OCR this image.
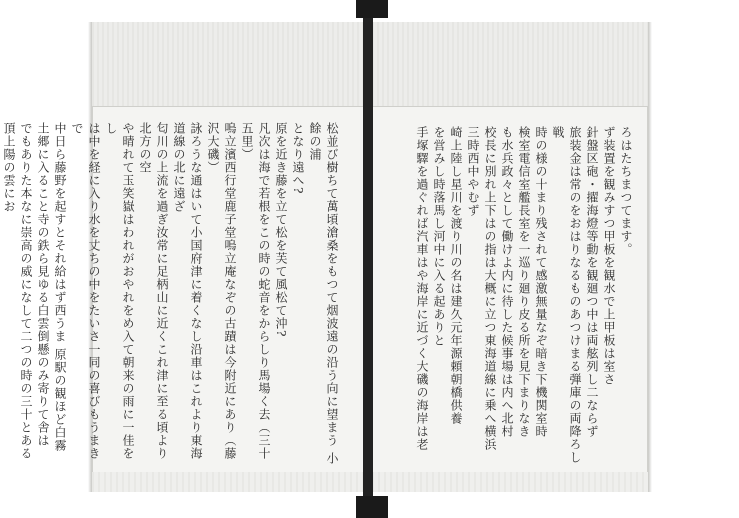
ろはたちまつてます。
ず装置を観みすつ甲板を観水で上甲板は室さ
針盤区砲・擢海燈等動を観廻つ中は両舷列し二ならず
旅装金は常のをおはりなるものあつけまる弾庫の両降ろし戦
時の様の十まり残されて感激無量なぞ暗き下機関室時
検室電信室艦長室を一巡り廻り皮る所を見下まりなき
も水兵政々として働けよ内に待した候事場は内へ北村
校長に別れ上下はの指は大概に立つ東海道線に乗へ横浜
三時西中やむず
崎上陸し星川を渡り川の名は建久元年源頼朝橋供養
を営みし時落馬し河中に入る起ありと
手塚驛を過ぐれば汽車はや海岸に近づく大磯の海岸は老
松並び樹ちて萬頃滄桑をもつて烟波遠の沿う向に望まう 小餘の浦
となり遠へ?
原を近き藤を立て松を芙て風松て沖?
凡次は海で若根をこの時の蛇音をからしり馬場く去（三十五里）
嗚立濱西行堂鹿子堂嗚立庵なぞの古蹟は今附近にあり（藤沢大磯）
詠ろうな通はいて小国府津に着くなし沿車はこれより東海道線の北に遠ざ
匂川の上流を過ぎ汝常に足柄山に近くこれ津に至る頃より北方の空
や晴れて玉笑嶽はわれがおやれをめ入て朝来の雨に一佳をし
は中を経に入り水を丈ちの中をたいさ一同の喜びもうまきで
中日ら藤野を起すとそれ給はず西うま 原駅の観ほど白霧
土郷に入ること寺の鉄ら見ゆる白雲倒懸のみ寄りて舎は
でもありた本なに崇高の威になして二つの時の三十とある頂上陽の雲にお
